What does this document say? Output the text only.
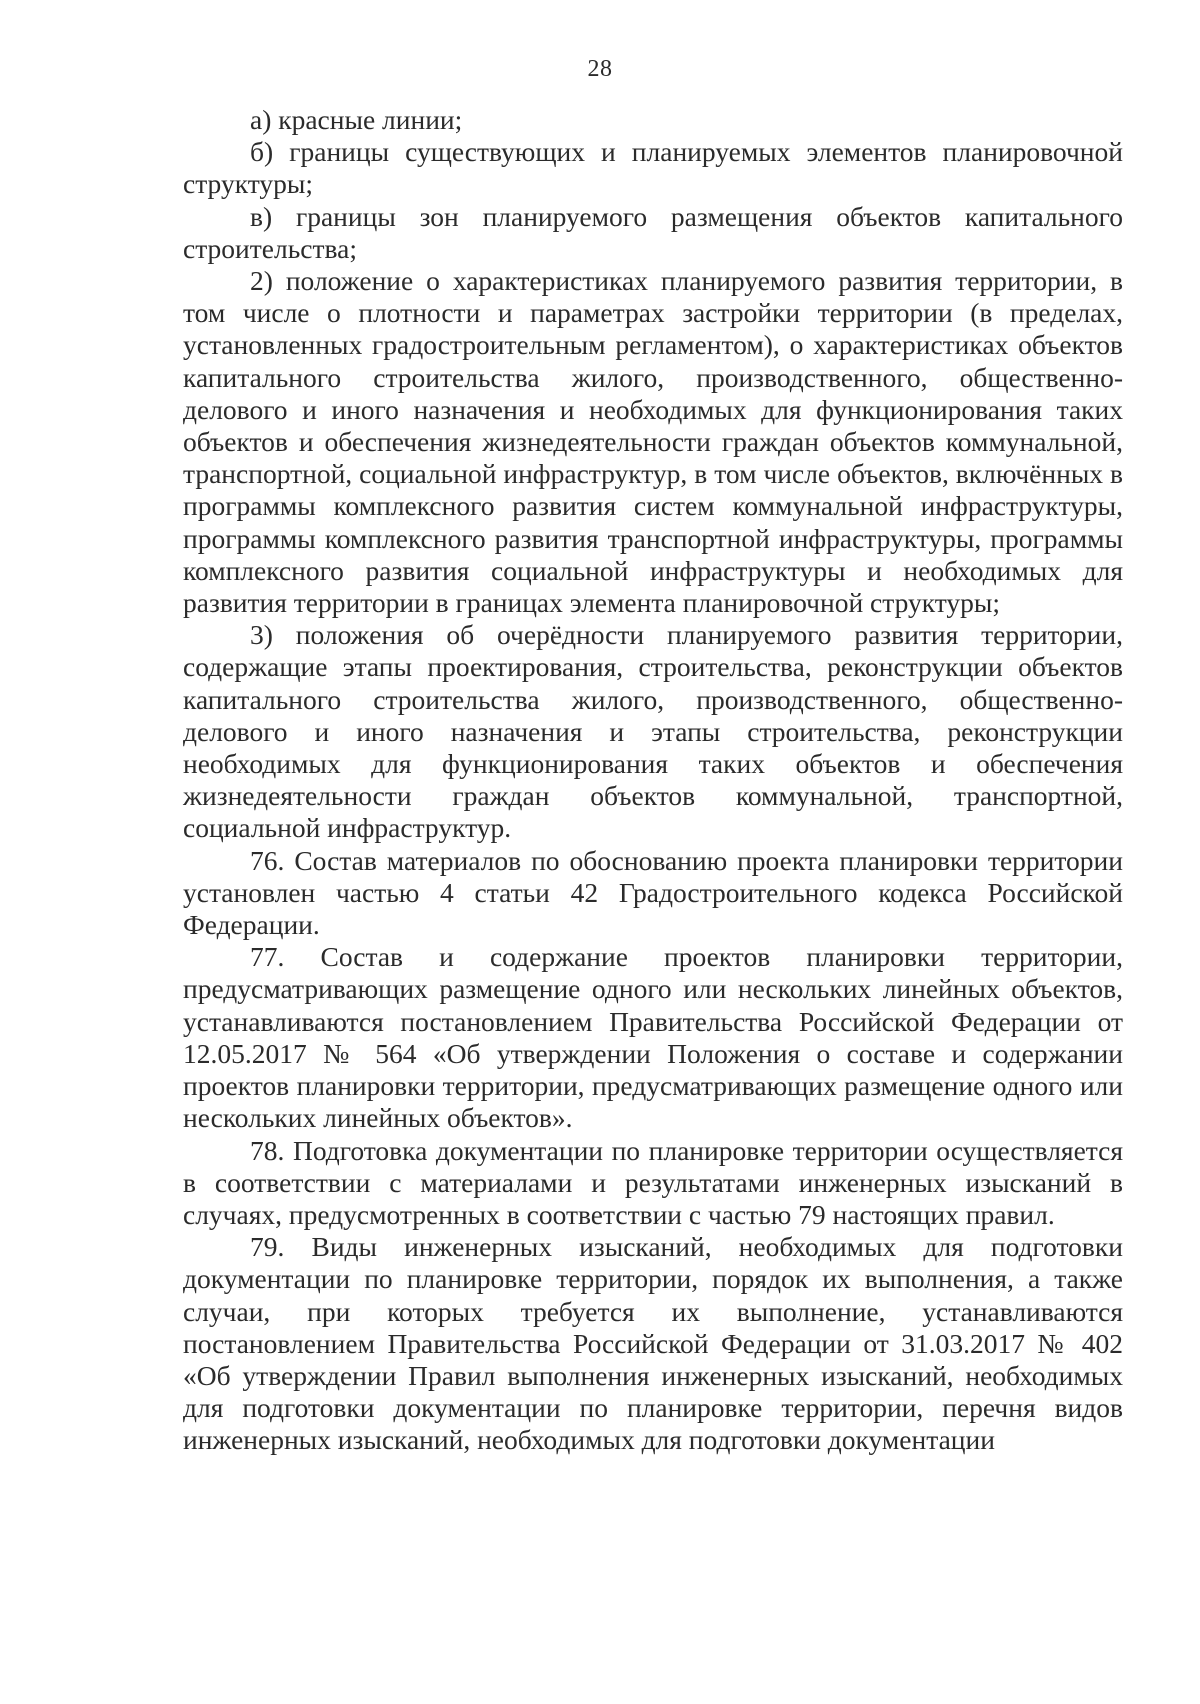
28

а) красные линии;

б) границы существующих и планируемых элементов планировочной структуры;

в) границы зон планируемого размещения объектов капитального строительства;

2) положение о характеристиках планируемого развития территории, в том числе о плотности и параметрах застройки территории (в пределах, установленных градостроительным регламентом), о характеристиках объектов капитального строительства жилого, производственного, общественно-делового и иного назначения и необходимых для функционирования таких объектов и обеспечения жизнедеятельности граждан объектов коммунальной, транспортной, социальной инфраструктур, в том числе объектов, включённых в программы комплексного развития систем коммунальной инфраструктуры, программы комплексного развития транспортной инфраструктуры, программы комплексного развития социальной инфраструктуры и необходимых для развития территории в границах элемента планировочной структуры;

3) положения об очерёдности планируемого развития территории, содержащие этапы проектирования, строительства, реконструкции объектов капитального строительства жилого, производственного, общественно-делового и иного назначения и этапы строительства, реконструкции необходимых для функционирования таких объектов и обеспечения жизнедеятельности граждан объектов коммунальной, транспортной, социальной инфраструктур.

76. Состав материалов по обоснованию проекта планировки территории установлен частью 4 статьи 42 Градостроительного кодекса Российской Федерации.

77. Состав и содержание проектов планировки территории, предусматривающих размещение одного или нескольких линейных объектов, устанавливаются постановлением Правительства Российской Федерации от 12.05.2017 № 564 «Об утверждении Положения о составе и содержании проектов планировки территории, предусматривающих размещение одного или нескольких линейных объектов».

78. Подготовка документации по планировке территории осуществляется в соответствии с материалами и результатами инженерных изысканий в случаях, предусмотренных в соответствии с частью 79 настоящих правил.

79. Виды инженерных изысканий, необходимых для подготовки документации по планировке территории, порядок их выполнения, а также случаи, при которых требуется их выполнение, устанавливаются постановлением Правительства Российской Федерации от 31.03.2017 № 402 «Об утверждении Правил выполнения инженерных изысканий, необходимых для подготовки документации по планировке территории, перечня видов инженерных изысканий, необходимых для подготовки документации
